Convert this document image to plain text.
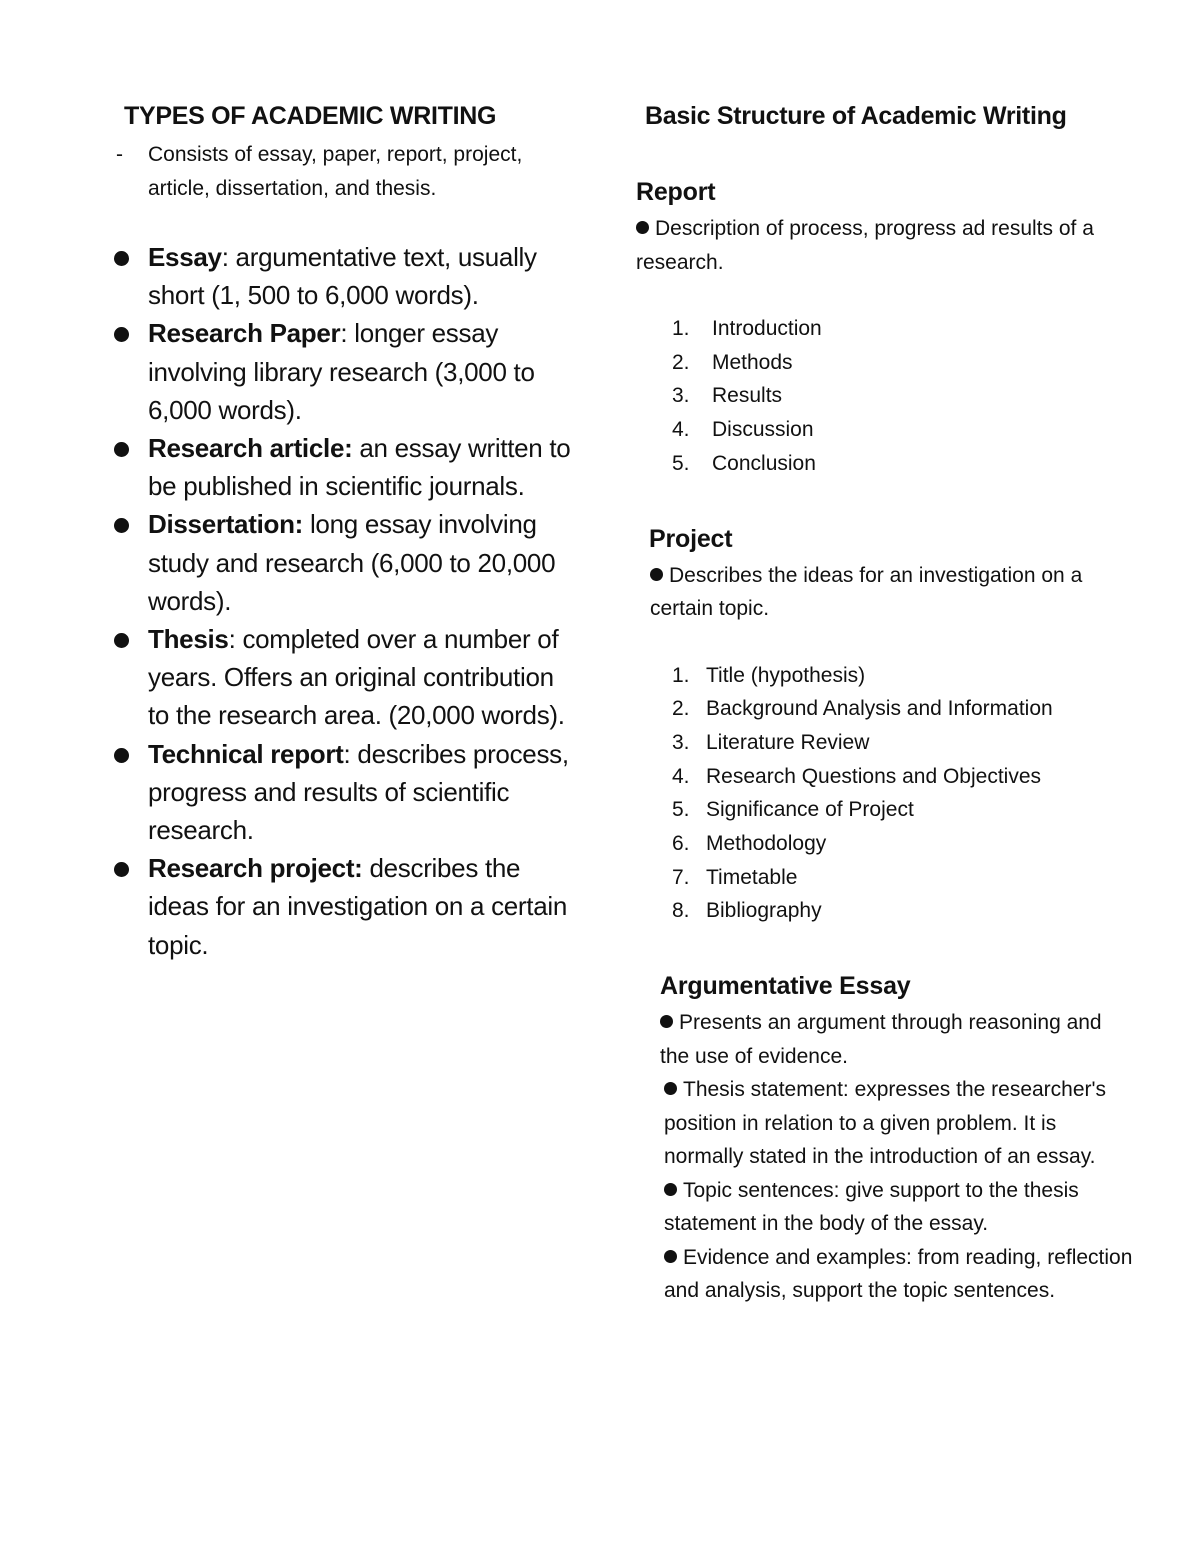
TYPES OF ACADEMIC WRITING
- Consists of essay, paper, report, project, article, dissertation, and thesis.
Essay: argumentative text, usually short (1, 500 to 6,000 words).
Research Paper: longer essay involving library research (3,000 to 6,000 words).
Research article: an essay written to be published in scientific journals.
Dissertation: long essay involving study and research (6,000 to 20,000 words).
Thesis: completed over a number of years. Offers an original contribution to the research area. (20,000 words).
Technical report: describes process, progress and results of scientific research.
Research project: describes the ideas for an investigation on a certain topic.
Basic Structure of Academic Writing
Report

Description of process, progress ad results of a research.

1. Introduction
2. Methods
3. Results
4. Discussion
5. Conclusion
Project

Describes the ideas for an investigation on a certain topic.

1. Title (hypothesis)
2. Background Analysis and Information
3. Literature Review
4. Research Questions and Objectives
5. Significance of Project
6. Methodology
7. Timetable
8. Bibliography
Argumentative Essay

Presents an argument through reasoning and the use of evidence.

Thesis statement: expresses the researcher's position in relation to a given problem. It is normally stated in the introduction of an essay.

Topic sentences: give support to the thesis statement in the body of the essay.

Evidence and examples: from reading, reflection and analysis, support the topic sentences.
